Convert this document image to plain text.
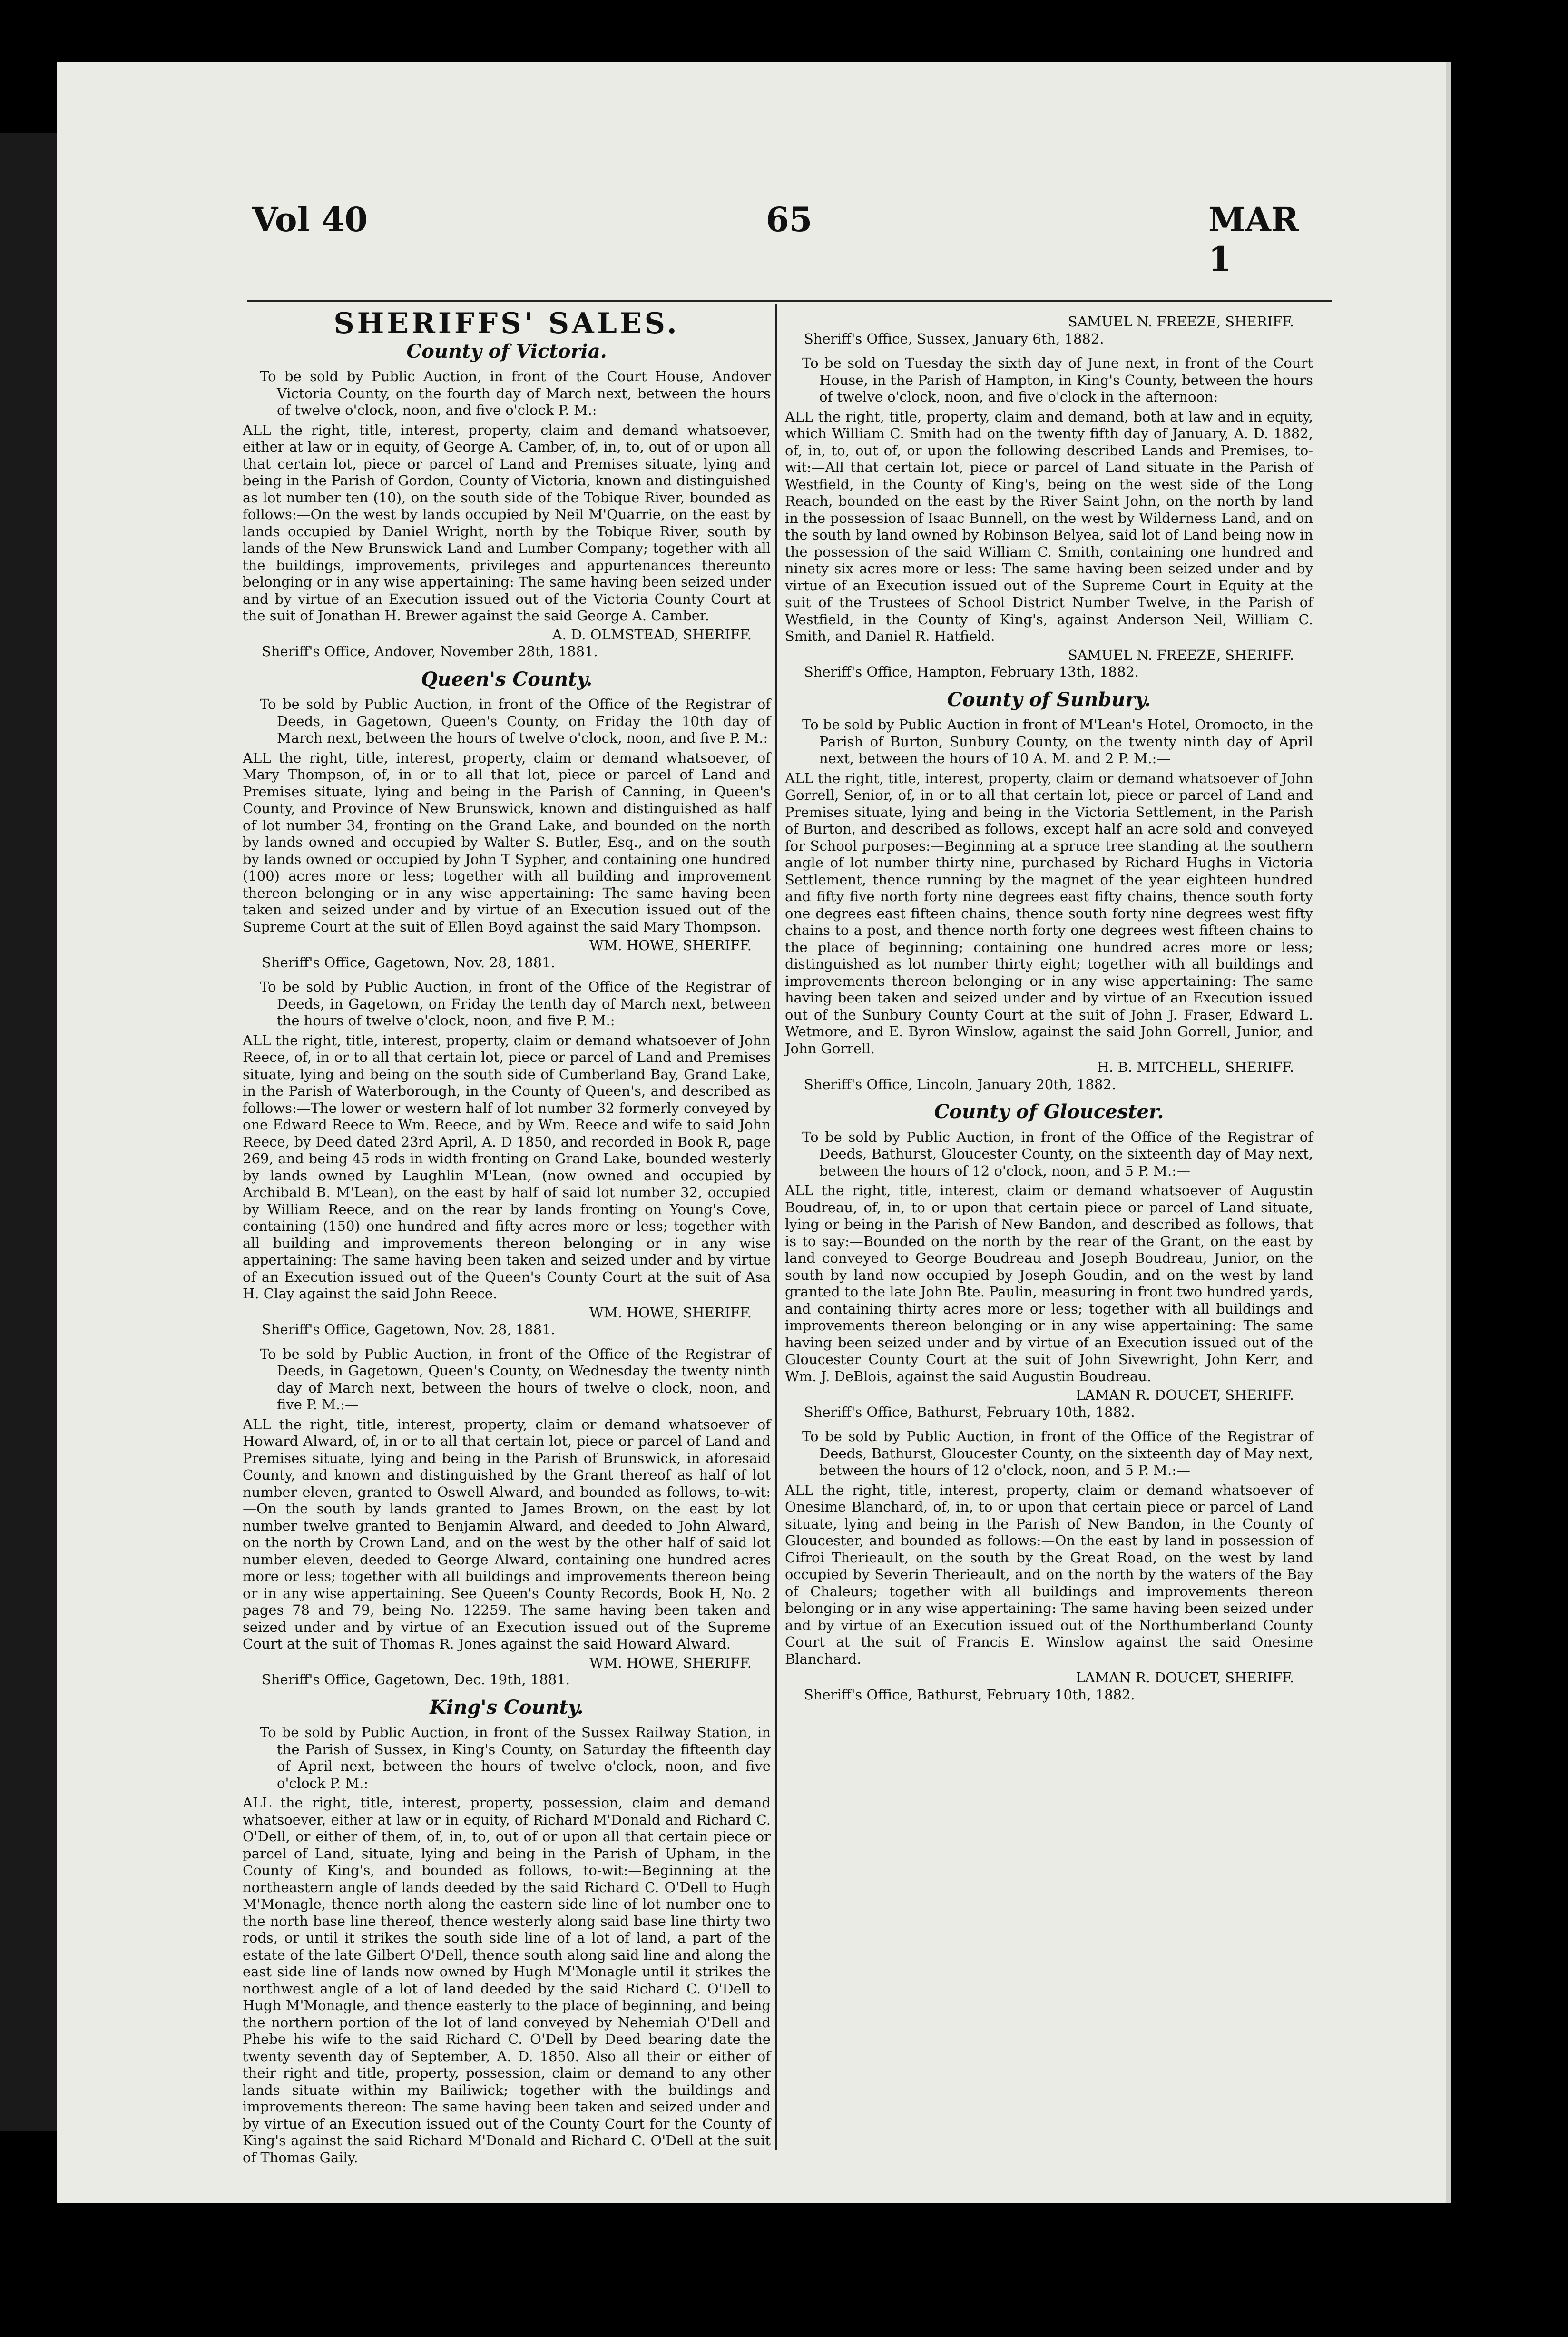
Vol 40	65	MAR 1
SHERIFFS' SALES.
County of Victoria.

To be sold by Public Auction, in front of the Court House, Andover Victoria County, on the fourth day of March next, between the hours of twelve o'clock, noon, and five o'clock P. M.:

ALL the right, title, interest, property, claim and demand whatsoever, either at law or in equity, of George A. Camber, of, in, to, out of or upon all that certain lot, piece or parcel of Land and Premises situate, lying and being in the Parish of Gordon, County of Victoria, known and distinguished as lot number ten (10), on the south side of the Tobique River, bounded as follows:—On the west by lands occupied by Neil M'Quarrie, on the east by lands occupied by Daniel Wright, north by the Tobique River, south by lands of the New Brunswick Land and Lumber Company; together with all the buildings, improvements, privileges and appurtenances thereunto belonging or in any wise appertaining: The same having been seized under and by virtue of an Execution issued out of the Victoria County Court at the suit of Jonathan H. Brewer against the said George A. Camber.

A. D. OLMSTEAD, SHERIFF.

Sheriff's Office, Andover, November 28th, 1881.

Queen's County.

To be sold by Public Auction, in front of the Office of the Registrar of Deeds, in Gagetown, Queen's County, on Friday the 10th day of March next, between the hours of twelve o'clock, noon, and five P. M.:

ALL the right, title, interest, property, claim or demand whatsoever, of Mary Thompson, of, in or to all that lot, piece or parcel of Land and Premises situate, lying and being in the Parish of Canning, in Queen's County, and Province of New Brunswick, known and distinguished as half of lot number 34, fronting on the Grand Lake, and bounded on the north by lands owned and occupied by Walter S. Butler, Esq., and on the south by lands owned or occupied by John T Sypher, and containing one hundred (100) acres more or less; together with all building and improvement thereon belonging or in any wise appertaining: The same having been taken and seized under and by virtue of an Execution issued out of the Supreme Court at the suit of Ellen Boyd against the said Mary Thompson.

WM. HOWE, SHERIFF.

Sheriff's Office, Gagetown, Nov. 28, 1881.

To be sold by Public Auction, in front of the Office of the Registrar of Deeds, in Gagetown, on Friday the tenth day of March next, between the hours of twelve o'clock, noon, and five P. M.:

ALL the right, title, interest, property, claim or demand whatsoever of John Reece, of, in or to all that certain lot, piece or parcel of Land and Premises situate, lying and being on the south side of Cumberland Bay, Grand Lake, in the Parish of Waterborough, in the County of Queen's, and described as follows:—The lower or western half of lot number 32 formerly conveyed by one Edward Reece to Wm. Reece, and by Wm. Reece and wife to said John Reece, by Deed dated 23rd April, A. D 1850, and recorded in Book R, page 269, and being 45 rods in width fronting on Grand Lake, bounded westerly by lands owned by Laughlin M'Lean, (now owned and occupied by Archibald B. M'Lean), on the east by half of said lot number 32, occupied by William Reece, and on the rear by lands fronting on Young's Cove, containing (150) one hundred and fifty acres more or less; together with all building and improvements thereon belonging or in any wise appertaining: The same having been taken and seized under and by virtue of an Execution issued out of the Queen's County Court at the suit of Asa H. Clay against the said John Reece.

WM. HOWE, SHERIFF.

Sheriff's Office, Gagetown, Nov. 28, 1881.

To be sold by Public Auction, in front of the Office of the Registrar of Deeds, in Gagetown, Queen's County, on Wednesday the twenty ninth day of March next, between the hours of twelve o clock, noon, and five P. M.:—

ALL the right, title, interest, property, claim or demand whatsoever of Howard Alward, of, in or to all that certain lot, piece or parcel of Land and Premises situate, lying and being in the Parish of Brunswick, in aforesaid County, and known and distinguished by the Grant thereof as half of lot number eleven, granted to Oswell Alward, and bounded as follows, to-wit:—On the south by lands granted to James Brown, on the east by lot number twelve granted to Benjamin Alward, and deeded to John Alward, on the north by Crown Land, and on the west by the other half of said lot number eleven, deeded to George Alward, containing one hundred acres more or less; together with all buildings and improvements thereon being or in any wise appertaining. See Queen's County Records, Book H, No. 2 pages 78 and 79, being No. 12259. The same having been taken and seized under and by virtue of an Execution issued out of the Supreme Court at the suit of Thomas R. Jones against the said Howard Alward.

WM. HOWE, SHERIFF.

Sheriff's Office, Gagetown, Dec. 19th, 1881.

King's County.

To be sold by Public Auction, in front of the Sussex Railway Station, in the Parish of Sussex, in King's County, on Saturday the fifteenth day of April next, between the hours of twelve o'clock, noon, and five o'clock P. M.:

ALL the right, title, interest, property, possession, claim and demand whatsoever, either at law or in equity, of Richard M'Donald and Richard C. O'Dell, or either of them, of, in, to, out of or upon all that certain piece or parcel of Land, situate, lying and being in the Parish of Upham, in the County of King's, and bounded as follows, to-wit:—Beginning at the northeastern angle of lands deeded by the said Richard C. O'Dell to Hugh M'Monagle, thence north along the eastern side line of lot number one to the north base line thereof, thence westerly along said base line thirty two rods, or until it strikes the south side line of a lot of land, a part of the estate of the late Gilbert O'Dell, thence south along said line and along the east side line of lands now owned by Hugh M'Monagle until it strikes the northwest angle of a lot of land deeded by the said Richard C. O'Dell to Hugh M'Monagle, and thence easterly to the place of beginning, and being the northern portion of the lot of land conveyed by Nehemiah O'Dell and Phebe his wife to the said Richard C. O'Dell by Deed bearing date the twenty seventh day of September, A. D. 1850. Also all their or either of their right and title, property, possession, claim or demand to any other lands situate within my Bailiwick; together with the buildings and improvements thereon: The same having been taken and seized under and by virtue of an Execution issued out of the County Court for the County of King's against the said Richard M'Donald and Richard C. O'Dell at the suit of Thomas Gaily.

SAMUEL N. FREEZE, SHERIFF.

Sheriff's Office, Sussex, January 6th, 1882.

To be sold on Tuesday the sixth day of June next, in front of the Court House, in the Parish of Hampton, in King's County, between the hours of twelve o'clock, noon, and five o'clock in the afternoon:

ALL the right, title, property, claim and demand, both at law and in equity, which William C. Smith had on the twenty fifth day of January, A. D. 1882, of, in, to, out of, or upon the following described Lands and Premises, to-wit:—All that certain lot, piece or parcel of Land situate in the Parish of Westfield, in the County of King's, being on the west side of the Long Reach, bounded on the east by the River Saint John, on the north by land in the possession of Isaac Bunnell, on the west by Wilderness Land, and on the south by land owned by Robinson Belyea, said lot of Land being now in the possession of the said William C. Smith, containing one hundred and ninety six acres more or less: The same having been seized under and by virtue of an Execution issued out of the Supreme Court in Equity at the suit of the Trustees of School District Number Twelve, in the Parish of Westfield, in the County of King's, against Anderson Neil, William C. Smith, and Daniel R. Hatfield.

SAMUEL N. FREEZE, SHERIFF.

Sheriff's Office, Hampton, February 13th, 1882.

County of Sunbury.

To be sold by Public Auction in front of M'Lean's Hotel, Oromocto, in the Parish of Burton, Sunbury County, on the twenty ninth day of April next, between the hours of 10 A. M. and 2 P. M.:—

ALL the right, title, interest, property, claim or demand whatsoever of John Gorrell, Senior, of, in or to all that certain lot, piece or parcel of Land and Premises situate, lying and being in the Victoria Settlement, in the Parish of Burton, and described as follows, except half an acre sold and conveyed for School purposes:—Beginning at a spruce tree standing at the southern angle of lot number thirty nine, purchased by Richard Hughs in Victoria Settlement, thence running by the magnet of the year eighteen hundred and fifty five north forty nine degrees east fifty chains, thence south forty one degrees east fifteen chains, thence south forty nine degrees west fifty chains to a post, and thence north forty one degrees west fifteen chains to the place of beginning; containing one hundred acres more or less; distinguished as lot number thirty eight; together with all buildings and improvements thereon belonging or in any wise appertaining: The same having been taken and seized under and by virtue of an Execution issued out of the Sunbury County Court at the suit of John J. Fraser, Edward L. Wetmore, and E. Byron Winslow, against the said John Gorrell, Junior, and John Gorrell.

H. B. MITCHELL, SHERIFF.

Sheriff's Office, Lincoln, January 20th, 1882.

County of Gloucester.

To be sold by Public Auction, in front of the Office of the Registrar of Deeds, Bathurst, Gloucester County, on the sixteenth day of May next, between the hours of 12 o'clock, noon, and 5 P. M.:—

ALL the right, title, interest, claim or demand whatsoever of Augustin Boudreau, of, in, to or upon that certain piece or parcel of Land situate, lying or being in the Parish of New Bandon, and described as follows, that is to say:—Bounded on the north by the rear of the Grant, on the east by land conveyed to George Boudreau and Joseph Boudreau, Junior, on the south by land now occupied by Joseph Goudin, and on the west by land granted to the late John Bte. Paulin, measuring in front two hundred yards, and containing thirty acres more or less; together with all buildings and improvements thereon belonging or in any wise appertaining: The same having been seized under and by virtue of an Execution issued out of the Gloucester County Court at the suit of John Sivewright, John Kerr, and Wm. J. DeBlois, against the said Augustin Boudreau.

LAMAN R. DOUCET, SHERIFF.

Sheriff's Office, Bathurst, February 10th, 1882.

To be sold by Public Auction, in front of the Office of the Registrar of Deeds, Bathurst, Gloucester County, on the sixteenth day of May next, between the hours of 12 o'clock, noon, and 5 P. M.:—

ALL the right, title, interest, property, claim or demand whatsoever of Onesime Blanchard, of, in, to or upon that certain piece or parcel of Land situate, lying and being in the Parish of New Bandon, in the County of Gloucester, and bounded as follows:—On the east by land in possession of Cifroi Therieault, on the south by the Great Road, on the west by land occupied by Severin Therieault, and on the north by the waters of the Bay of Chaleurs; together with all buildings and improvements thereon belonging or in any wise appertaining: The same having been seized under and by virtue of an Execution issued out of the Northumberland County Court at the suit of Francis E. Winslow against the said Onesime Blanchard.

LAMAN R. DOUCET, SHERIFF.

Sheriff's Office, Bathurst, February 10th, 1882.
